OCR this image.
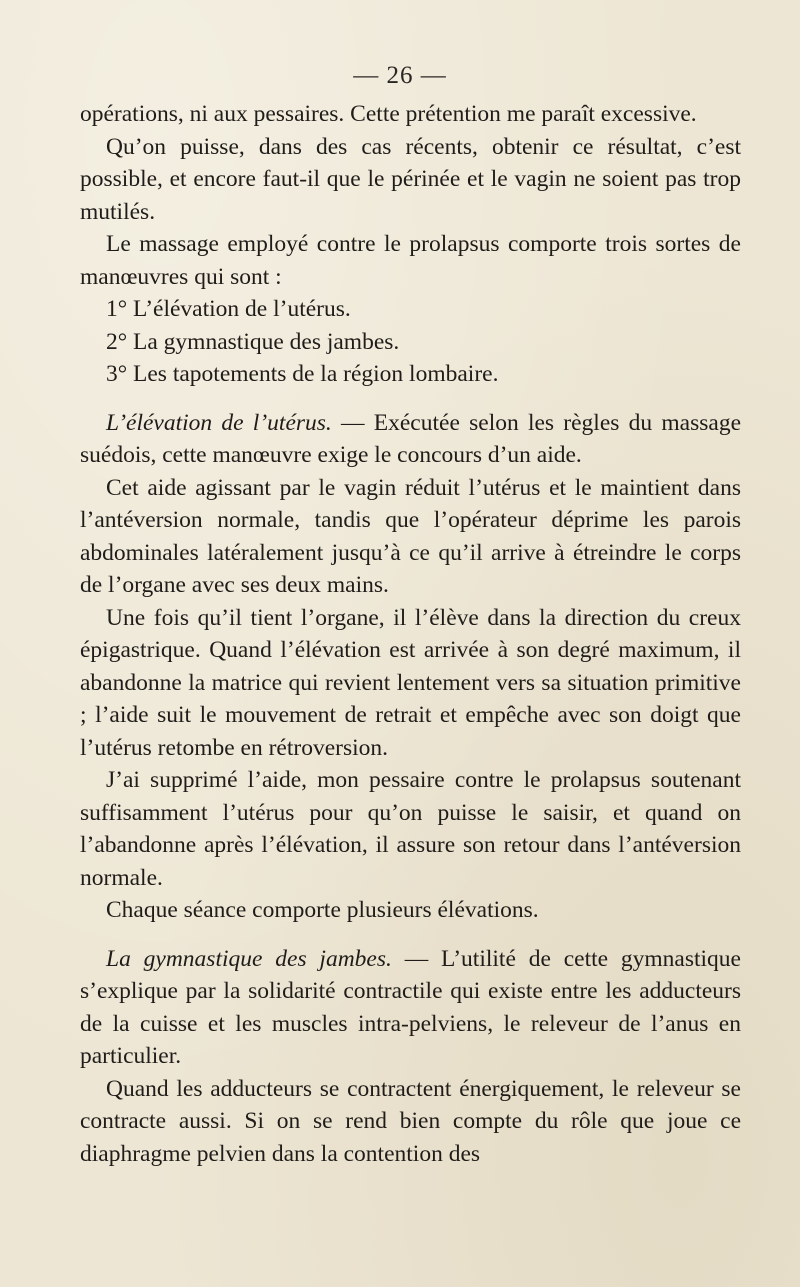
— 26 —

opérations, ni aux pessaires. Cette prétention me paraît excessive.

Qu’on puisse, dans des cas récents, obtenir ce résultat, c’est possible, et encore faut-il que le périnée et le vagin ne soient pas trop mutilés.

Le massage employé contre le prolapsus comporte trois sortes de manœuvres qui sont :

1° L’élévation de l’utérus.

2° La gymnastique des jambes.

3° Les tapotements de la région lombaire.

L’élévation de l’utérus. — Exécutée selon les règles du massage suédois, cette manœuvre exige le concours d’un aide.

Cet aide agissant par le vagin réduit l’utérus et le maintient dans l’antéversion normale, tandis que l’opérateur déprime les parois abdominales latéralement jusqu’à ce qu’il arrive à étreindre le corps de l’organe avec ses deux mains.

Une fois qu’il tient l’organe, il l’élève dans la direction du creux épigastrique. Quand l’élévation est arrivée à son degré maximum, il abandonne la matrice qui revient lentement vers sa situation primitive ; l’aide suit le mouvement de retrait et empêche avec son doigt que l’utérus retombe en rétroversion.

J’ai supprimé l’aide, mon pessaire contre le prolapsus soutenant suffisamment l’utérus pour qu’on puisse le saisir, et quand on l’abandonne après l’élévation, il assure son retour dans l’antéversion normale.

Chaque séance comporte plusieurs élévations.

La gymnastique des jambes. — L’utilité de cette gymnastique s’explique par la solidarité contractile qui existe entre les adducteurs de la cuisse et les muscles intra-pelviens, le releveur de l’anus en particulier.

Quand les adducteurs se contractent énergiquement, le releveur se contracte aussi. Si on se rend bien compte du rôle que joue ce diaphragme pelvien dans la contention des
